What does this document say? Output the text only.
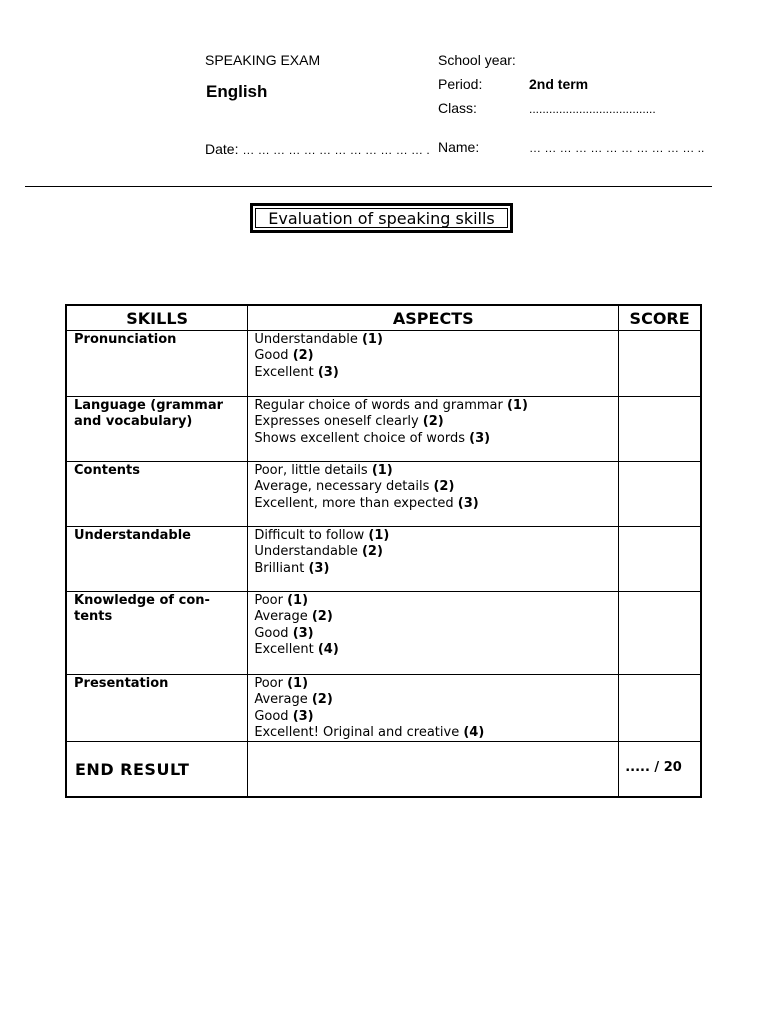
SPEAKING EXAM
English
Date: … … … … … … … … … … … … .
School year:
Period:	2nd term
Class:	......................................
Name:	… … … … … … … … … … … ..
Evaluation of speaking skills
SKILLS	ASPECTS	SCORE
Pronunciation	Understandable (1)
Good (2)
Excellent (3)	

Language (grammar and vocabulary)	Regular choice of words and grammar (1)
Expresses oneself clearly (2)
Shows excellent choice of words (3)	

Contents	Poor, little details (1)
Average, necessary details (2)
Excellent, more than expected (3)	

Understandable	Difficult to follow (1)
Understandable (2)
Brilliant (3)	

Knowledge of con- tents	Poor (1)
Average (2)
Good (3)
Excellent (4)	

Presentation	Poor (1)
Average (2)
Good (3)
Excellent! Original and creative (4)	

END RESULT		..... / 20
